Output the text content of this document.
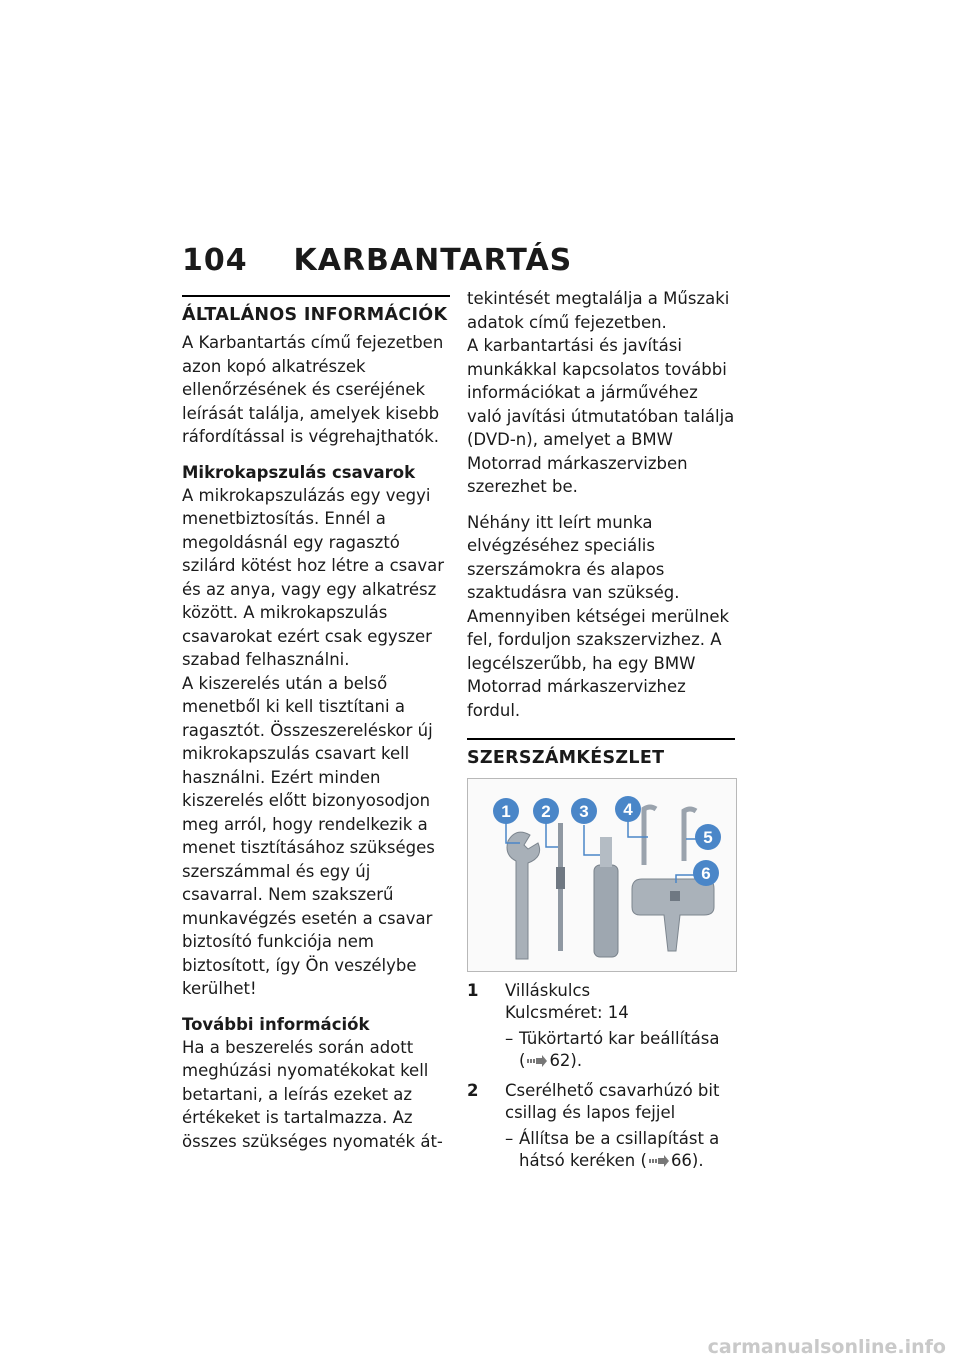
104 KARBANTARTÁS
ÁLTALÁNOS INFORMÁCIÓK

A Karbantartás című fejezetben azon kopó alkatrészek ellenőrzésének és cseréjének leírását találja, amelyek kisebb ráfordítással is végrehajthatók.

Mikrokapszulás csavarok

A mikrokapszulázás egy vegyi menetbiztosítás. Ennél a megoldásnál egy ragasztó szilárd kötést hoz létre a csavar és az anya, vagy egy alkatrész között. A mikrokapszulás csavarokat ezért csak egyszer szabad felhasználni.

A kiszerelés után a belső menetből ki kell tisztítani a ragasztót. Összeszereléskor új mikrokapszulás csavart kell használni. Ezért minden kiszerelés előtt bizonyosodjon meg arról, hogy rendelkezik a menet tisztításához szükséges szerszámmal és egy új csavarral. Nem szakszerű munkavégzés esetén a csavar biztosító funkciója nem biztosított, így Ön veszélybe kerülhet!

További információk

Ha a beszerelés során adott meghúzási nyomatékokat kell betartani, a leírás ezeket az értékeket is tartalmazza. Az összes szükséges nyomaték át-

tekintését megtalálja a Műszaki adatok című fejezetben.

A karbantartási és javítási munkákkal kapcsolatos további információkat a járművéhez való javítási útmutatóban találja (DVD-n), amelyet a BMW Motorrad márkaszervizben szerezhet be.

Néhány itt leírt munka elvégzéséhez speciális szerszámokra és alapos szaktudásra van szükség. Amennyiben kétségei merülnek fel, forduljon szakszervizhez. A legcélszerűbb, ha egy BMW Motorrad márkaszervizhez fordul.

SZERSZÁMKÉSZLET
1 2 3 4
5
6
1	Villáskulcs
Kulcsméret: 14
– Tükörtartó kar beállítása

( 62).
2	Cserélhető csavarhúzó bit csillag és lapos fejjel
– Állítsa be a csillapítást a hátsó keréken ( 66).
carmanualsonline.info
